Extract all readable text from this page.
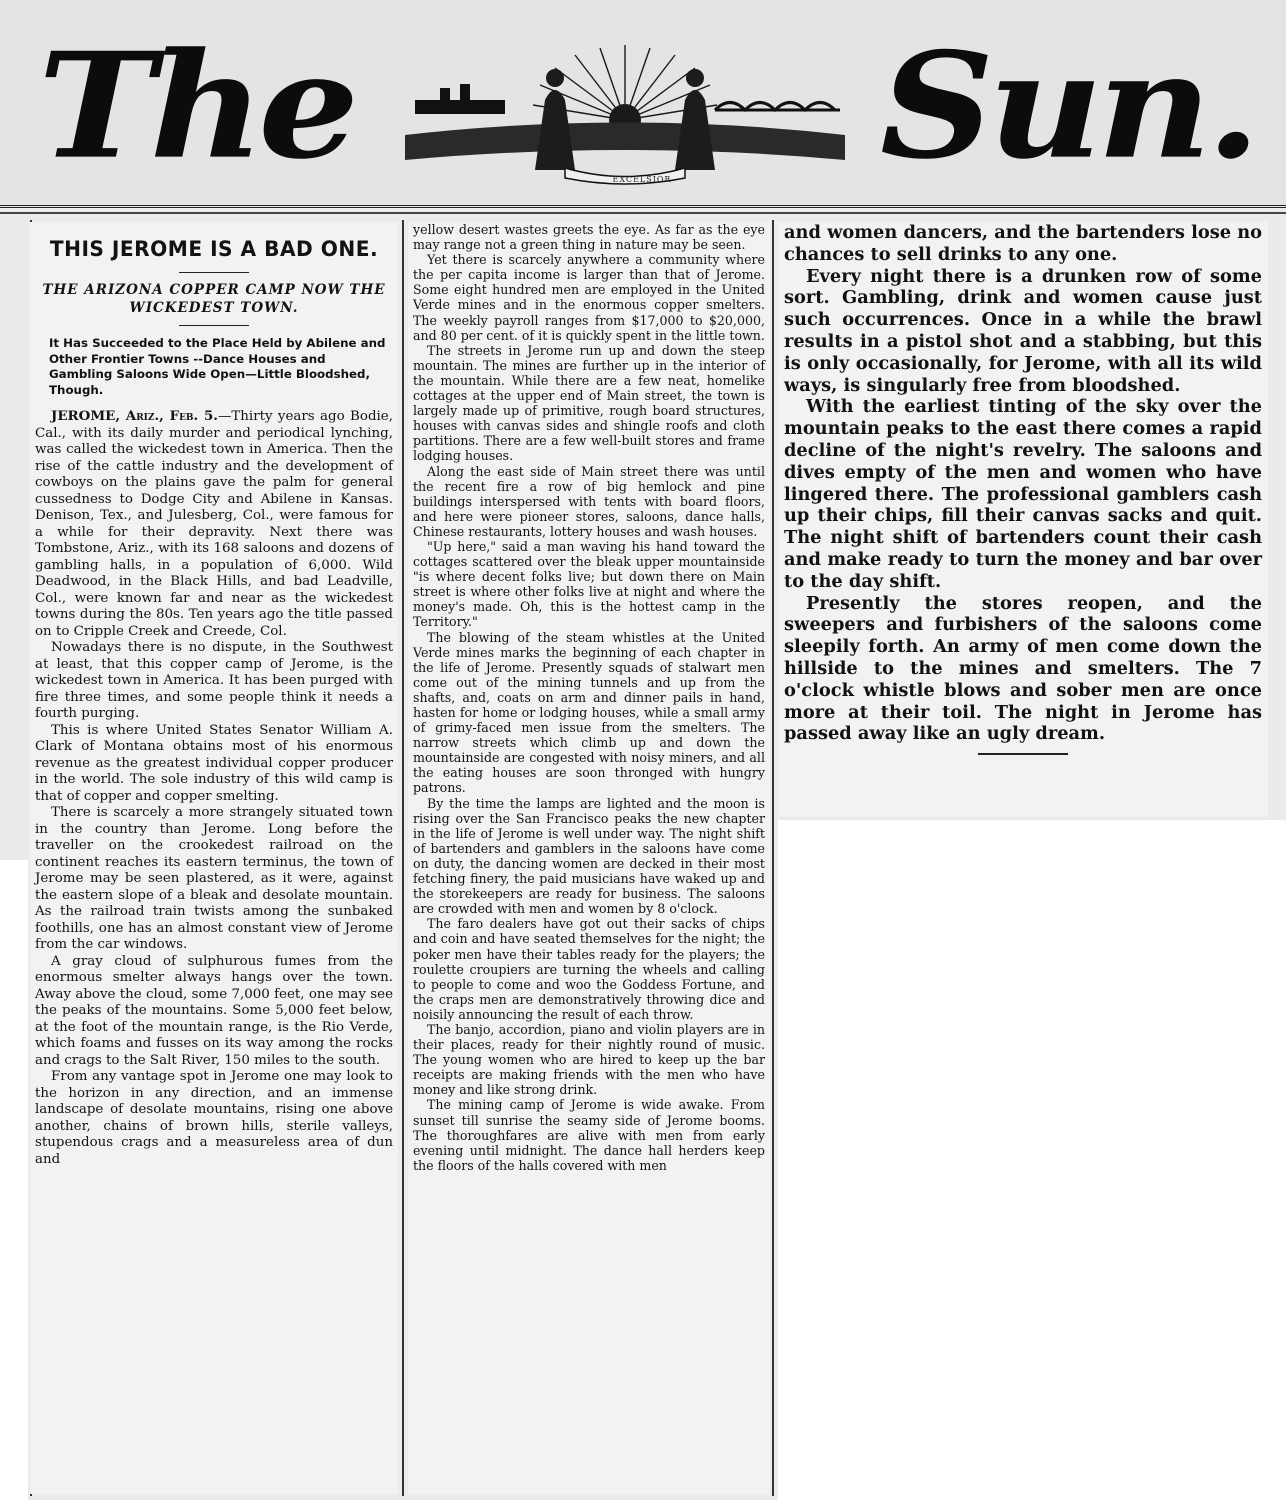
The	EXCELSIOR Sun.
THIS JEROME IS A BAD ONE.
THE ARIZONA COPPER CAMP NOW THE WICKEDEST TOWN.
It Has Succeeded to the Place Held by Abilene and Other Frontier Towns --Dance Houses and Gambling Saloons Wide Open—Little Bloodshed, Though.

JEROME, Ariz., Feb. 5.—Thirty years ago Bodie, Cal., with its daily murder and periodical lynching, was called the wickedest town in America. Then the rise of the cattle industry and the development of cowboys on the plains gave the palm for general cussedness to Dodge City and Abilene in Kansas. Denison, Tex., and Julesberg, Col., were famous for a while for their depravity. Next there was Tombstone, Ariz., with its 168 saloons and dozens of gambling halls, in a population of 6,000. Wild Deadwood, in the Black Hills, and bad Leadville, Col., were known far and near as the wickedest towns during the 80s. Ten years ago the title passed on to Cripple Creek and Creede, Col.

Nowadays there is no dispute, in the Southwest at least, that this copper camp of Jerome, is the wickedest town in America. It has been purged with fire three times, and some people think it needs a fourth purging.

This is where United States Senator William A. Clark of Montana obtains most of his enormous revenue as the greatest individual copper producer in the world. The sole industry of this wild camp is that of copper and copper smelting.

There is scarcely a more strangely situated town in the country than Jerome. Long before the traveller on the crookedest railroad on the continent reaches its eastern terminus, the town of Jerome may be seen plastered, as it were, against the eastern slope of a bleak and desolate mountain. As the railroad train twists among the sunbaked foothills, one has an almost constant view of Jerome from the car windows.

A gray cloud of sulphurous fumes from the enormous smelter always hangs over the town. Away above the cloud, some 7,000 feet, one may see the peaks of the mountains. Some 5,000 feet below, at the foot of the mountain range, is the Rio Verde, which foams and fusses on its way among the rocks and crags to the Salt River, 150 miles to the south.

From any vantage spot in Jerome one may look to the horizon in any direction, and an immense landscape of desolate mountains, rising one above another, chains of brown hills, sterile valleys, stupendous crags and a measureless area of dun and

yellow desert wastes greets the eye. As far as the eye may range not a green thing in nature may be seen.

Yet there is scarcely anywhere a community where the per capita income is larger than that of Jerome. Some eight hundred men are employed in the United Verde mines and in the enormous copper smelters. The weekly payroll ranges from $17,000 to $20,000, and 80 per cent. of it is quickly spent in the little town.

The streets in Jerome run up and down the steep mountain. The mines are further up in the interior of the mountain. While there are a few neat, homelike cottages at the upper end of Main street, the town is largely made up of primitive, rough board structures, houses with canvas sides and shingle roofs and cloth partitions. There are a few well-built stores and frame lodging houses.

Along the east side of Main street there was until the recent fire a row of big hemlock and pine buildings interspersed with tents with board floors, and here were pioneer stores, saloons, dance halls, Chinese restaurants, lottery houses and wash houses.

"Up here," said a man waving his hand toward the cottages scattered over the bleak upper mountainside "is where decent folks live; but down there on Main street is where other folks live at night and where the money's made. Oh, this is the hottest camp in the Territory."

The blowing of the steam whistles at the United Verde mines marks the beginning of each chapter in the life of Jerome. Presently squads of stalwart men come out of the mining tunnels and up from the shafts, and, coats on arm and dinner pails in hand, hasten for home or lodging houses, while a small army of grimy-faced men issue from the smelters. The narrow streets which climb up and down the mountainside are congested with noisy miners, and all the eating houses are soon thronged with hungry patrons.

By the time the lamps are lighted and the moon is rising over the San Francisco peaks the new chapter in the life of Jerome is well under way. The night shift of bartenders and gamblers in the saloons have come on duty, the dancing women are decked in their most fetching finery, the paid musicians have waked up and the storekeepers are ready for business. The saloons are crowded with men and women by 8 o'clock.

The faro dealers have got out their sacks of chips and coin and have seated themselves for the night; the poker men have their tables ready for the players; the roulette croupiers are turning the wheels and calling to people to come and woo the Goddess Fortune, and the craps men are demonstratively throwing dice and noisily announcing the result of each throw.

The banjo, accordion, piano and violin players are in their places, ready for their nightly round of music. The young women who are hired to keep up the bar receipts are making friends with the men who have money and like strong drink.

The mining camp of Jerome is wide awake. From sunset till sunrise the seamy side of Jerome booms. The thoroughfares are alive with men from early evening until midnight. The dance hall herders keep the floors of the halls covered with men

and women dancers, and the bartenders lose no chances to sell drinks to any one.

Every night there is a drunken row of some sort. Gambling, drink and women cause just such occurrences. Once in a while the brawl results in a pistol shot and a stabbing, but this is only occasionally, for Jerome, with all its wild ways, is singularly free from bloodshed.

With the earliest tinting of the sky over the mountain peaks to the east there comes a rapid decline of the night's revelry. The saloons and dives empty of the men and women who have lingered there. The professional gamblers cash up their chips, fill their canvas sacks and quit. The night shift of bartenders count their cash and make ready to turn the money and bar over to the day shift.

Presently the stores reopen, and the sweepers and furbishers of the saloons come sleepily forth. An army of men come down the hillside to the mines and smelters. The 7 o'clock whistle blows and sober men are once more at their toil. The night in Jerome has passed away like an ugly dream.
